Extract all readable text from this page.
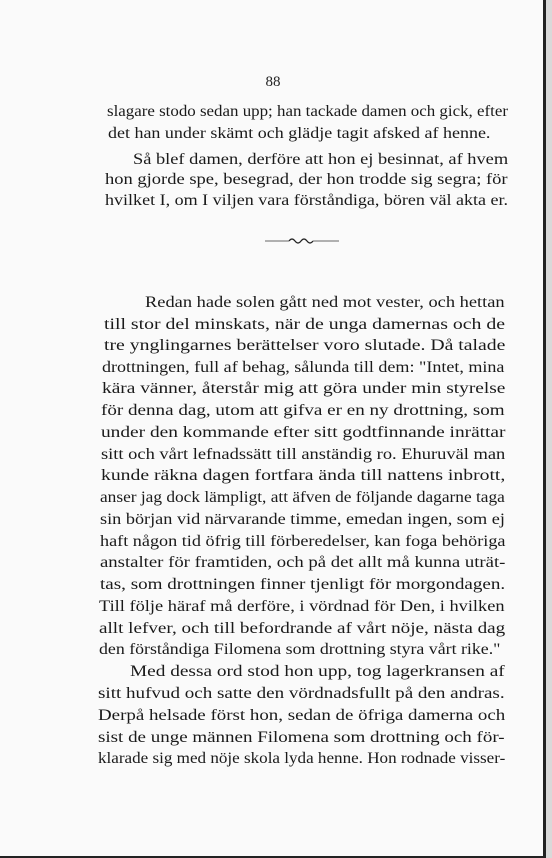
88
slagare stodo sedan upp; han tackade damen och gick, efter
det han under skämt och glädje tagit afsked af henne.
Så blef damen, derföre att hon ej besinnat, af hvem
hon gjorde spe, besegrad, der hon trodde sig segra; för
hvilket I, om I viljen vara förståndiga, bören väl akta er.
Redan hade solen gått ned mot vester, och hettan
till stor del minskats, när de unga damernas och de
tre ynglingarnes berättelser voro slutade. Då talade
drottningen, full af behag, sålunda till dem: "Intet, mina
kära vänner, återstår mig att göra under min styrelse
för denna dag, utom att gifva er en ny drottning, som
under den kommande efter sitt godtfinnande inrättar
sitt och vårt lefnadssätt till anständig ro. Ehuruväl man
kunde räkna dagen fortfara ända till nattens inbrott,
anser jag dock lämpligt, att äfven de följande dagarne taga
sin början vid närvarande timme, emedan ingen, som ej
haft någon tid öfrig till förberedelser, kan foga behöriga
anstalter för framtiden, och på det allt må kunna uträt-
tas, som drottningen finner tjenligt för morgondagen.
Till följe häraf må derföre, i vördnad för Den, i hvilken
allt lefver, och till befordrande af vårt nöje, nästa dag
den förståndiga Filomena som drottning styra vårt rike."
Med dessa ord stod hon upp, tog lagerkransen af
sitt hufvud och satte den vördnadsfullt på den andras.
Derpå helsade först hon, sedan de öfriga damerna och
sist de unge männen Filomena som drottning och för-
klarade sig med nöje skola lyda henne. Hon rodnade visser-
